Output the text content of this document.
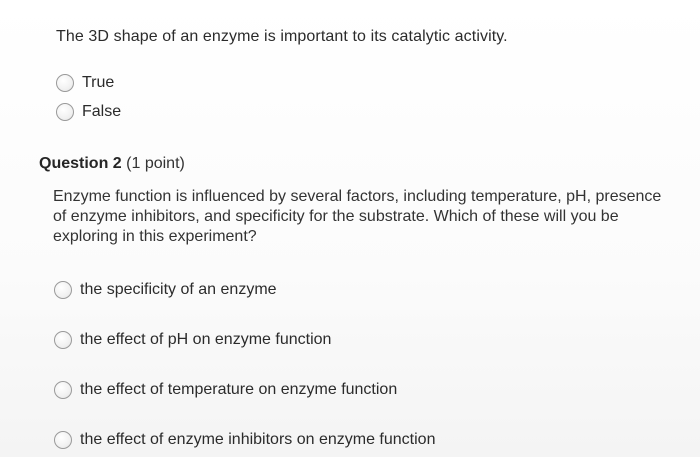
The 3D shape of an enzyme is important to its catalytic activity.
True
False
Question 2 (1 point)
Enzyme function is influenced by several factors, including temperature, pH, presence of enzyme inhibitors, and specificity for the substrate. Which of these will you be exploring in this experiment?
the specificity of an enzyme
the effect of pH on enzyme function
the effect of temperature on enzyme function
the effect of enzyme inhibitors on enzyme function
